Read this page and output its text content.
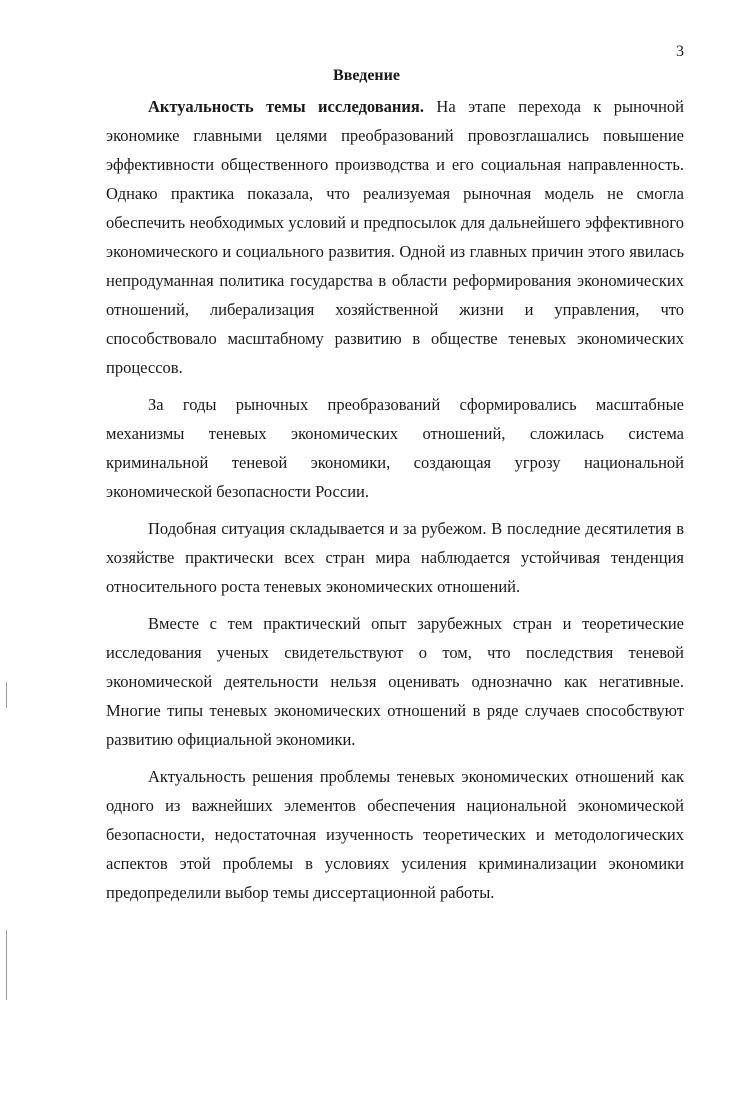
3
Введение

Актуальность темы исследования. На этапе перехода к рыночной экономике главными целями преобразований провозглашались повышение эффективности общественного производства и его социальная направленность. Однако практика показала, что реализуемая рыночная модель не смогла обеспечить необходимых условий и предпосылок для дальнейшего эффективного экономического и социального развития. Одной из главных причин этого явилась непродуманная политика государства в области реформирования экономических отношений, либерализация хозяйственной жизни и управления, что способствовало масштабному развитию в обществе теневых экономических процессов.

За годы рыночных преобразований сформировались масштабные механизмы теневых экономических отношений, сложилась система криминальной теневой экономики, создающая угрозу национальной экономической безопасности России.

Подобная ситуация складывается и за рубежом. В последние десятилетия в хозяйстве практически всех стран мира наблюдается устойчивая тенденция относительного роста теневых экономических отношений.

Вместе с тем практический опыт зарубежных стран и теоретические исследования ученых свидетельствуют о том, что последствия теневой экономической деятельности нельзя оценивать однозначно как негативные. Многие типы теневых экономических отношений в ряде случаев способствуют развитию официальной экономики.

Актуальность решения проблемы теневых экономических отношений как одного из важнейших элементов обеспечения национальной экономической безопасности, недостаточная изученность теоретических и методологических аспектов этой проблемы в условиях усиления криминализации экономики предопределили выбор темы диссертационной работы.
